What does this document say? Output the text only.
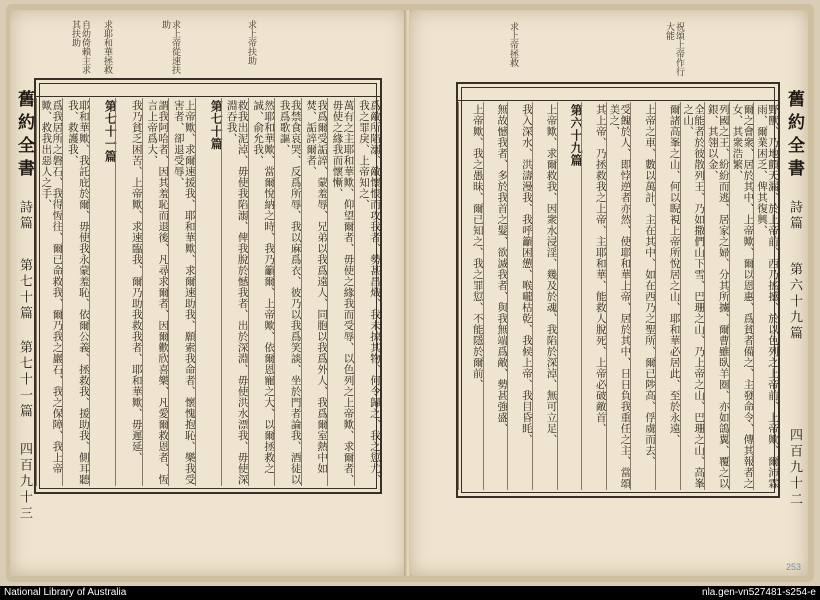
自幼倚賴主求其扶助	求耶和華拯救	求上帝扶助
求上帝從速扶助
爲敵所陷溺、敵懷恨而攻我者、勢甚昌熾、我未掠其物、何令歸之、我之愆尤、我之罪戾、上帝知之、
萬有之主耶和華歟、仰望爾者、毋使之緣我而受辱、以色列之上帝歟、求爾者、毋使之緣我而懷慚、
我爲爾受詬誶、蒙羞辱、兄弟以我爲遠人、同胞以我爲外人、我爲爾室熱中如焚、詬誶爾者、
我禁食哀哭、反爲所辱、我以麻爲衣、彼乃以我爲笑談、坐於門者論我、酒徒以我爲歌謳、
然耶和華歟、當爾悅納之時、我乃籲爾、上帝歟、依爾恩寵之大、以爾拯救之誠、俞允我、
救我出泥淖、毋使我陷溺、俾我脫於憾我者、出於深淵、毋使洪水漂我、毋使深淵吞我、
第七十篇
上帝歟、求爾速援我、耶和華歟、求爾速助我、願索我命者、懷愧抱恥、樂我受害者、卻退受辱、
謂我阿哈者、因其羞恥而退後、凡尋求爾者、因爾歡欣喜樂、凡愛爾救恩者、恆言上帝爲大、
我乃貧乏困苦、上帝歟、求速臨我、爾乃助我救我者、耶和華歟、毋遲延、
第七十一篇
耶和華歟、我託庇於爾、毋使我永蒙羞恥、依爾公義、拯救我、援助我、側耳聽我、救護我、
爲我居所之磐石、我得恆往、爾已命救我、爾乃我之巖石、我之保障、我上帝歟、救我出惡人之手、
舊約全書
詩篇
第七十篇
第七十一篇
四百九十三
祝頌上帝作行大能
求上帝拯救
野獸、乃地顫天漏、於上帝前、西乃搖撼、於以色列之上帝前、上帝歟、爾沛霖雨、爾業困乏、俾其復興、
爾之會衆、居於其中、上帝歟、爾以恩惠、爲貧者備之、主發命令、傳其報者之女、其衆浩繁、
列國之王、紛紛而逃、居家之婦、分其所擄、爾曹雖臥羊圈、亦如鴿翼、覆之以銀、其翎以金、
全能者於彼散列王、乃如撒們山下雪、巴珊之山、乃上帝之山、巴珊之山、高峯之山、
爾諸高峯之山、何以睨視上帝所悅居之山、耶和華必居此、至於永遠、
上帝之車、數以萬計、主在其中、如在西乃之聖所、爾已陟高、俘虜而去、
受餽於人、即悖逆者亦然、使耶和華上帝、居於其中、日日負我重任之主、當頌美之、
其上帝、乃拯救我之上帝、主耶和華、能救人脫死、上帝必破敵首、
第六十九篇
上帝歟、求爾救我、因衆水浸淫、幾及於魂、我陷於深淖、無可立足、
我入深水、洪濤漫我、我呼籲困憊、喉嚨枯乾、我候上帝、我目昏眊、
無故憾我者、多於我首之髮、欲滅我者、與我無端爲敵、勢甚強盛、
上帝歟、我之愚昧、爾已知之、我之罪愆、不能隱於爾前、	舊約全書
詩篇
第六十九篇
四百九十二
253
National Library of Australia	nla.gen-vn527481-s254-e
